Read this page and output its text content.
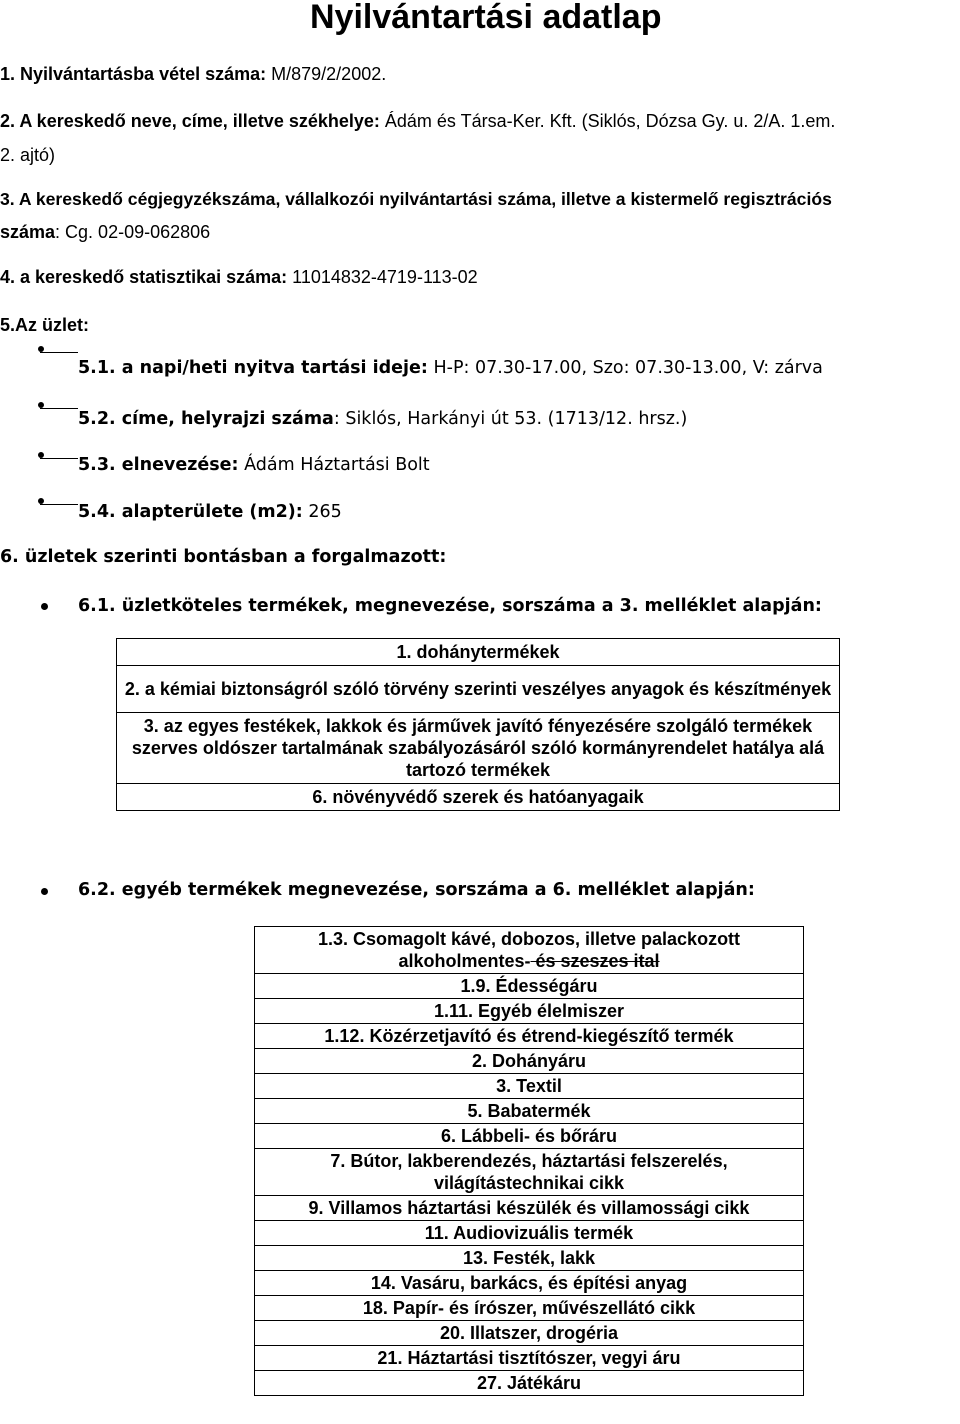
Nyilvántartási adatlap
1. Nyilvántartásba vétel száma: M/879/2/2002.
2. A kereskedő neve, címe, illetve székhelye: Ádám és Társa-Ker. Kft. (Siklós, Dózsa Gy. u. 2/A. 1.em.
2. ajtó)
3. A kereskedő cégjegyzékszáma, vállalkozói nyilvántartási száma, illetve a kistermelő regisztrációs
száma: Cg. 02-09-062806
4. a kereskedő statisztikai száma: 11014832-4719-113-02
5.Az üzlet:
5.1. a napi/heti nyitva tartási ideje: H-P: 07.30-17.00, Szo: 07.30-13.00, V: zárva
5.2. címe, helyrajzi száma: Siklós, Harkányi út 53. (1713/12. hrsz.)
5.3. elnevezése: Ádám Háztartási Bolt
5.4. alapterülete (m2): 265
6. üzletek szerinti bontásban a forgalmazott:
6.1. üzletköteles termékek, megnevezése, sorszáma a 3. melléklet alapján:
1. dohánytermékek
2. a kémiai biztonságról szóló törvény szerinti veszélyes anyagok és készítmények
3. az egyes festékek, lakkok és járművek javító fényezésére szolgáló termékek szerves oldószer tartalmának szabályozásáról szóló kormányrendelet hatálya alá tartozó termékek
6. növényvédő szerek és hatóanyagaik
6.2. egyéb termékek megnevezése, sorszáma a 6. melléklet alapján:
1.3. Csomagolt kávé, dobozos, illetve palackozott alkoholmentes- és szeszes ital
1.9. Édességáru
1.11. Egyéb élelmiszer
1.12. Közérzetjavító és étrend-kiegészítő termék
2. Dohányáru
3. Textil
5. Babatermék
6. Lábbeli- és bőráru
7. Bútor, lakberendezés, háztartási felszerelés, világítástechnikai cikk
9. Villamos háztartási készülék és villamossági cikk
11. Audiovizuális termék
13. Festék, lakk
14. Vasáru, barkács, és építési anyag
18. Papír- és írószer, művészellátó cikk
20. Illatszer, drogéria
21. Háztartási tisztítószer, vegyi áru
27. Játékáru
